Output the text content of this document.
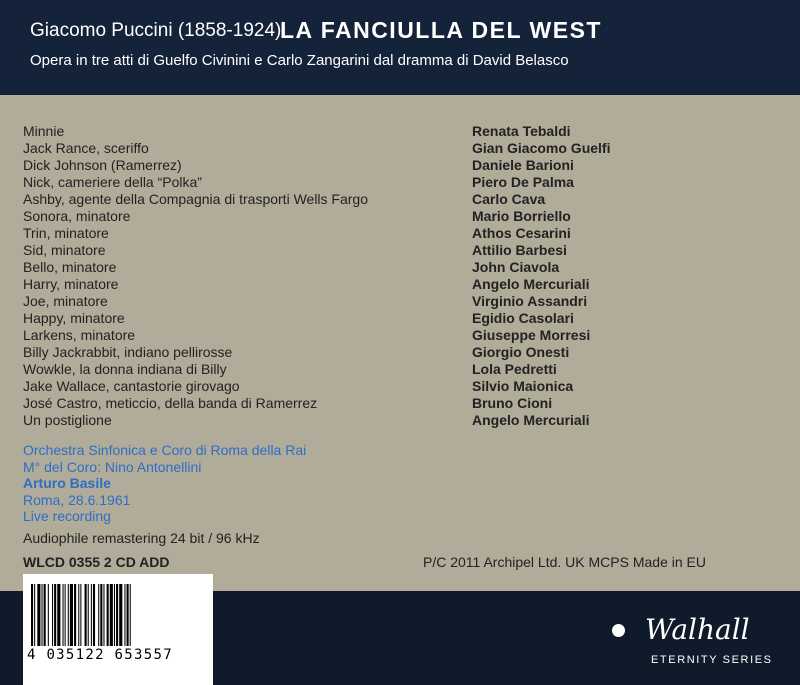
Giacomo Puccini (1858-1924)
LA FANCIULLA DEL WEST
Opera in tre atti di Guelfo Civinini e Carlo Zangarini dal dramma di David Belasco
Minnie
Jack Rance, sceriffo
Dick Johnson (Ramerrez)
Nick, cameriere della “Polka”
Ashby, agente della Compagnia di trasporti Wells Fargo
Sonora, minatore
Trin, minatore
Sid, minatore
Bello, minatore
Harry, minatore
Joe, minatore
Happy, minatore
Larkens, minatore
Billy Jackrabbit, indiano pellirosse
Wowkle, la donna indiana di Billy
Jake Wallace, cantastorie girovago
José Castro, meticcio, della banda di Ramerrez
Un postiglione
Renata Tebaldi
Gian Giacomo Guelfi
Daniele Barioni
Piero De Palma
Carlo Cava
Mario Borriello
Athos Cesarini
Attilio Barbesi
John Ciavola
Angelo Mercuriali
Virginio Assandri
Egidio Casolari
Giuseppe Morresi
Giorgio Onesti
Lola Pedretti
Silvio Maionica
Bruno Cioni
Angelo Mercuriali
Orchestra Sinfonica e Coro di Roma della Rai
M° del Coro: Nino Antonellini
Arturo Basile
Roma, 28.6.1961
Live recording
Audiophile remastering 24 bit / 96 kHz
WLCD 0355 2 CD ADD	P/C 2011 Archipel Ltd. UK MCPS Made in EU
4 035122 653557
Walhall
ETERNITY SERIES
